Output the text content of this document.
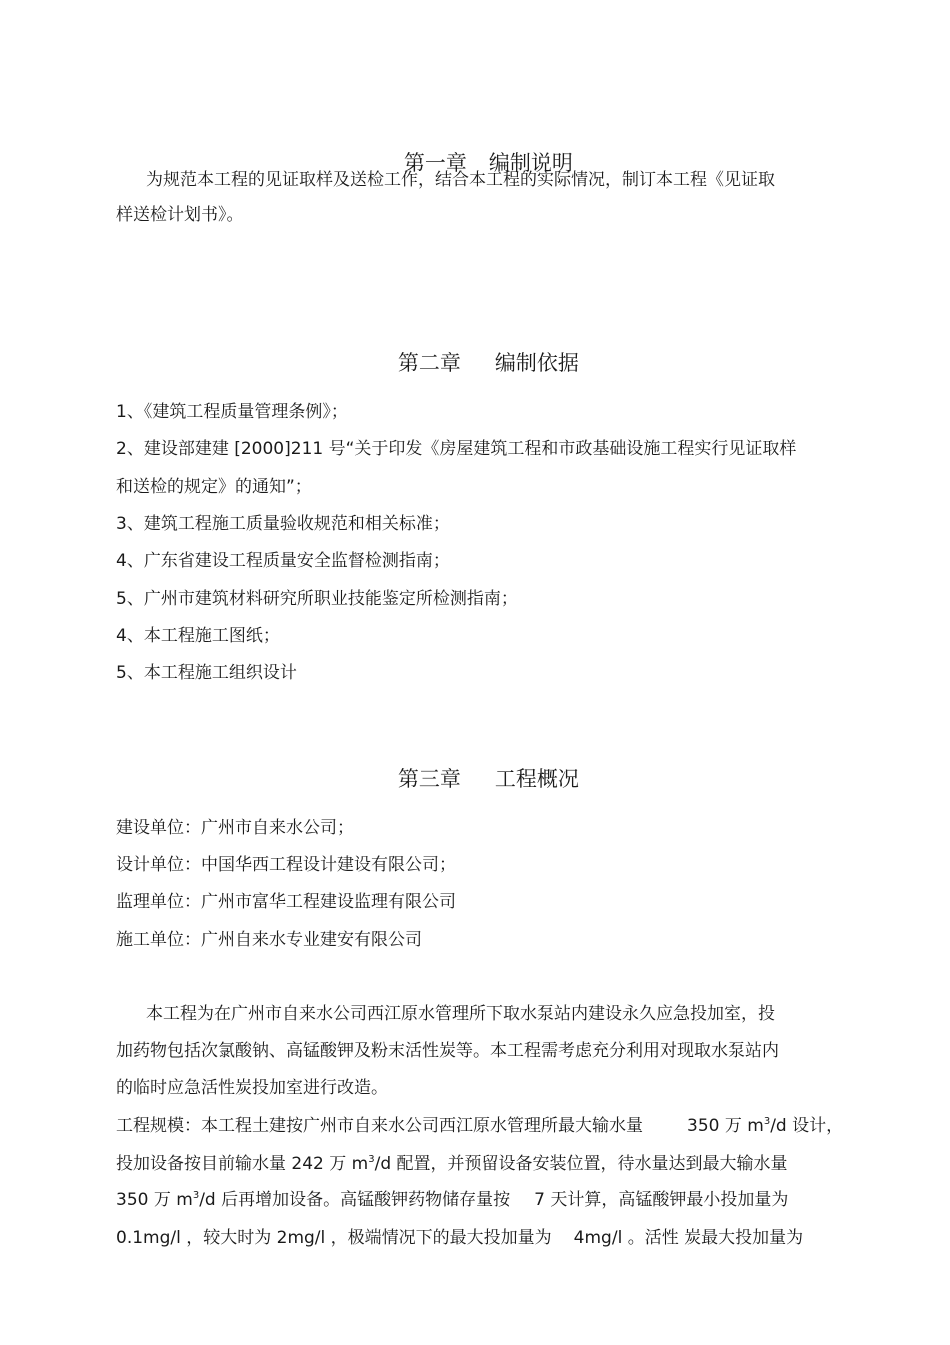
第一章 编制说明

为规范本工程的见证取样及送检工作，结合本工程的实际情况，制订本工程《见证取
样送检计划书》。

第二章 编制依据

1、《建筑工程质量管理条例》；
2、建设部建建 [2000]211 号“关于印发《房屋建筑工程和市政基础设施工程实行见证取样
和送检的规定》的通知”；
3、建筑工程施工质量验收规范和相关标准；
4、广东省建设工程质量安全监督检测指南；
5、广州市建筑材料研究所职业技能鉴定所检测指南；
4、本工程施工图纸；
5、本工程施工组织设计

第三章 工程概况

建设单位：广州市自来水公司；
设计单位：中国华西工程设计建设有限公司；
监理单位：广州市富华工程建设监理有限公司
施工单位：广州自来水专业建安有限公司
本工程为在广州市自来水公司西江原水管理所下取水泵站内建设永久应急投加室，投
加药物包括次氯酸钠、高锰酸钾及粉末活性炭等。本工程需考虑充分利用对现取水泵站内
的临时应急活性炭投加室进行改造。
工程规模：本工程土建按广州市自来水公司西江原水管理所最大输水量	350 万 $m^3/d$ 设计，
投加设备按目前输水量 242 万 $m^3/d$ 配置，并预留设备安装位置，待水量达到最大输水量
350 万 $m^3/d$ 后再增加设备。高锰酸钾药物储存量按 7 天计算，高锰酸钾最小投加量为
0.1mg/l ，较大时为 2mg/l ，极端情况下的最大投加量为 4mg/l 。活性 炭最大投加量为
